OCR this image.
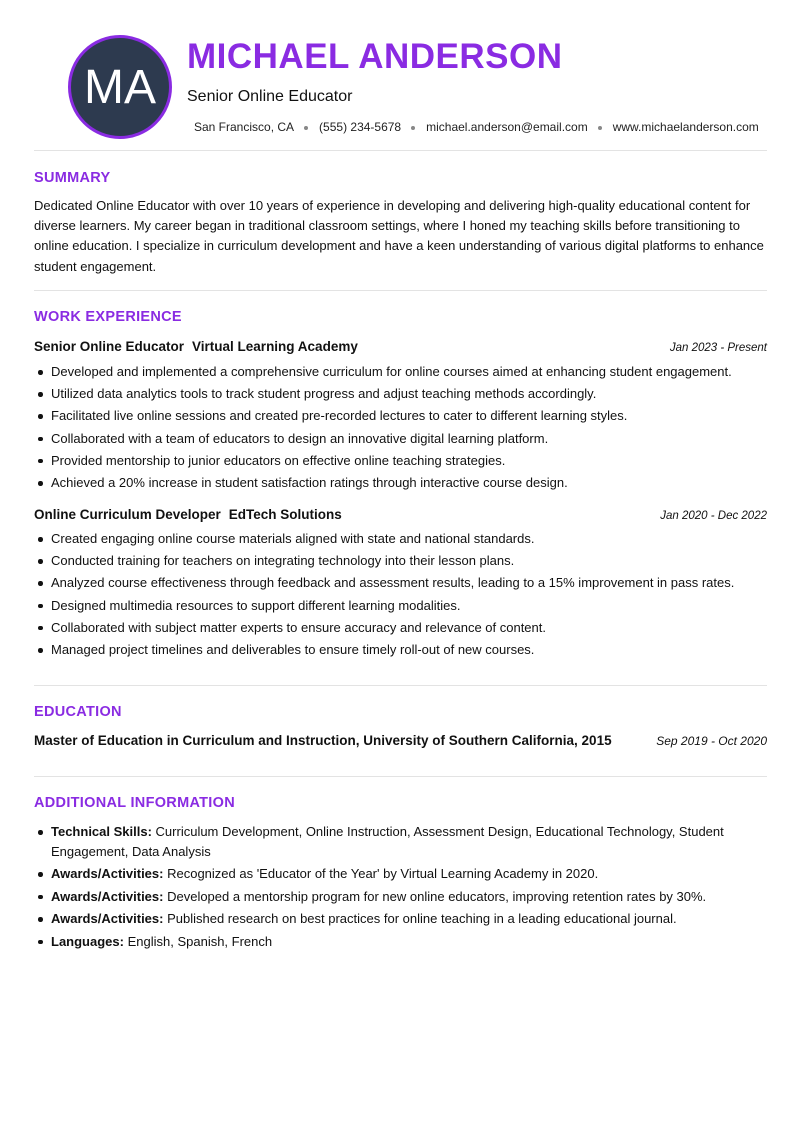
MA
MICHAEL ANDERSON
Senior Online Educator
San Francisco, CA (555) 234-5678 michael.anderson@email.com www.michaelanderson.com
SUMMARY
Dedicated Online Educator with over 10 years of experience in developing and delivering high-quality educational content for diverse learners. My career began in traditional classroom settings, where I honed my teaching skills before transitioning to online education. I specialize in curriculum development and have a keen understanding of various digital platforms to enhance student engagement.
WORK EXPERIENCE
Senior Online Educator Virtual Learning Academy	Jan 2023 - Present
Developed and implemented a comprehensive curriculum for online courses aimed at enhancing student engagement.
Utilized data analytics tools to track student progress and adjust teaching methods accordingly.
Facilitated live online sessions and created pre-recorded lectures to cater to different learning styles.
Collaborated with a team of educators to design an innovative digital learning platform.
Provided mentorship to junior educators on effective online teaching strategies.
Achieved a 20% increase in student satisfaction ratings through interactive course design.
Online Curriculum Developer EdTech Solutions	Jan 2020 - Dec 2022
Created engaging online course materials aligned with state and national standards.
Conducted training for teachers on integrating technology into their lesson plans.
Analyzed course effectiveness through feedback and assessment results, leading to a 15% improvement in pass rates.
Designed multimedia resources to support different learning modalities.
Collaborated with subject matter experts to ensure accuracy and relevance of content.
Managed project timelines and deliverables to ensure timely roll-out of new courses.
EDUCATION
Master of Education in Curriculum and Instruction, University of Southern California, 2015	Sep 2019 - Oct 2020
ADDITIONAL INFORMATION
Technical Skills: Curriculum Development, Online Instruction, Assessment Design, Educational Technology, Student Engagement, Data Analysis
Awards/Activities: Recognized as 'Educator of the Year' by Virtual Learning Academy in 2020.
Awards/Activities: Developed a mentorship program for new online educators, improving retention rates by 30%.
Awards/Activities: Published research on best practices for online teaching in a leading educational journal.
Languages: English, Spanish, French
